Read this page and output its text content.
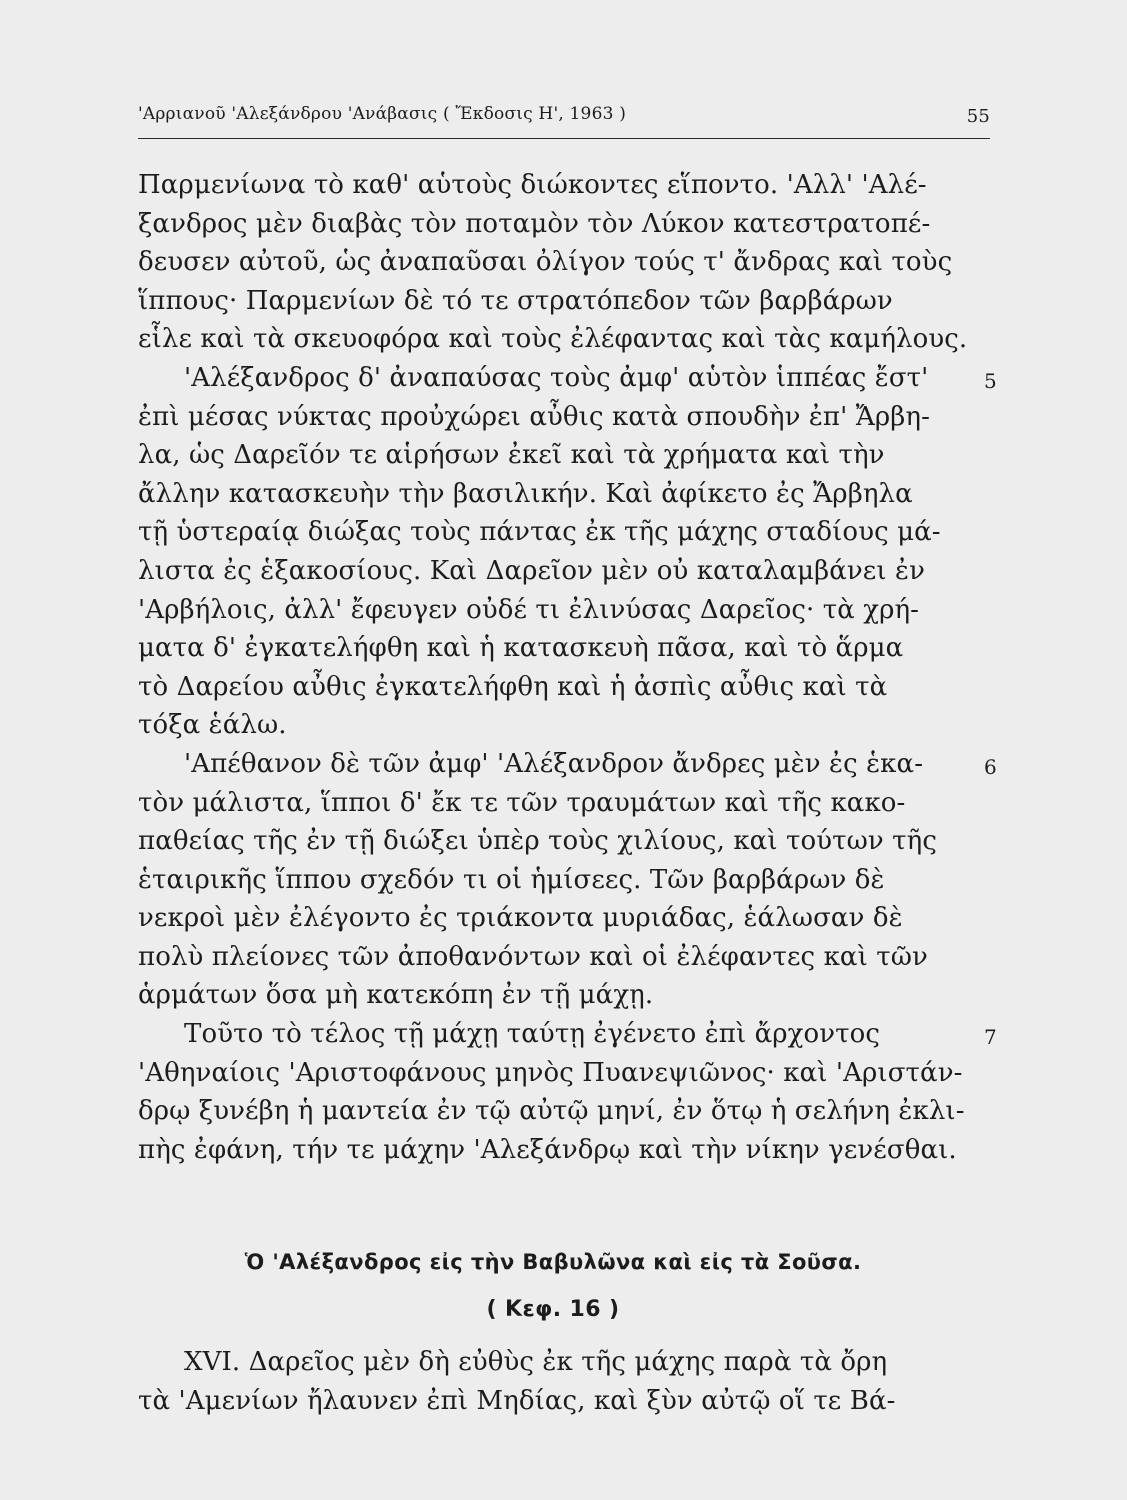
'Αρριανοῦ 'Αλεξάνδρου 'Ανάβασις ( Ἔκδοσις Η', 1963 )	55
Παρμενίωνα τὸ καθ' αὑτοὺς διώκοντες εἵποντο. 'Αλλ' 'Αλέ-
ξανδρος μὲν διαβὰς τὸν ποταμὸν τὸν Λύκον κατεστρατοπέ-
δευσεν αὐτοῦ, ὡς ἀναπαῦσαι ὀλίγον τούς τ' ἄνδρας καὶ τοὺς
ἵππους· Παρμενίων δὲ τό τε στρατόπεδον τῶν βαρβάρων
εἷλε καὶ τὰ σκευοφόρα καὶ τοὺς ἐλέφαντας καὶ τὰς καμήλους.
'Αλέξανδρος δ' ἀναπαύσας τοὺς ἀμφ' αὑτὸν ἱππέας ἔστ'	5
ἐπὶ μέσας νύκτας προὐχώρει αὖθις κατὰ σπουδὴν ἐπ' Ἄρβη-
λα, ὡς Δαρεῖόν τε αἱρήσων ἐκεῖ καὶ τὰ χρήματα καὶ τὴν
ἄλλην κατασκευὴν τὴν βασιλικήν. Καὶ ἀφίκετο ἐς Ἄρβηλα
τῇ ὑστεραίᾳ διώξας τοὺς πάντας ἐκ τῆς μάχης σταδίους μά-
λιστα ἐς ἑξακοσίους. Καὶ Δαρεῖον μὲν οὐ καταλαμβάνει ἐν
'Αρβήλοις, ἀλλ' ἔφευγεν οὐδέ τι ἐλινύσας Δαρεῖος· τὰ χρή-
ματα δ' ἐγκατελήφθη καὶ ἡ κατασκευὴ πᾶσα, καὶ τὸ ἅρμα
τὸ Δαρείου αὖθις ἐγκατελήφθη καὶ ἡ ἀσπὶς αὖθις καὶ τὰ
τόξα ἑάλω.
'Απέθανον δὲ τῶν ἀμφ' 'Αλέξανδρον ἄνδρες μὲν ἐς ἑκα-	6
τὸν μάλιστα, ἵπποι δ' ἔκ τε τῶν τραυμάτων καὶ τῆς κακο-
παθείας τῆς ἐν τῇ διώξει ὑπὲρ τοὺς χιλίους, καὶ τούτων τῆς
ἑταιρικῆς ἵππου σχεδόν τι οἱ ἡμίσεες. Τῶν βαρβάρων δὲ
νεκροὶ μὲν ἐλέγοντο ἐς τριάκοντα μυριάδας, ἑάλωσαν δὲ
πολὺ πλείονες τῶν ἀποθανόντων καὶ οἱ ἐλέφαντες καὶ τῶν
ἁρμάτων ὅσα μὴ κατεκόπη ἐν τῇ μάχῃ.
Τοῦτο τὸ τέλος τῇ μάχῃ ταύτῃ ἐγένετο ἐπὶ ἄρχοντος	7
'Αθηναίοις 'Αριστοφάνους μηνὸς Πυανεψιῶνος· καὶ 'Αριστάν-
δρῳ ξυνέβη ἡ μαντεία ἐν τῷ αὐτῷ μηνί, ἐν ὅτῳ ἡ σελήνη ἐκλι-
πὴς ἐφάνη, τήν τε μάχην 'Αλεξάνδρῳ καὶ τὴν νίκην γενέσθαι.
Ὁ 'Αλέξανδρος εἰς τὴν Βαβυλῶνα καὶ εἰς τὰ Σοῦσα.
( Κεφ. 16 )
XVI. Δαρεῖος μὲν δὴ εὐθὺς ἐκ τῆς μάχης παρὰ τὰ ὄρη
τὰ 'Αμενίων ἤλαυνεν ἐπὶ Μηδίας, καὶ ξὺν αὐτῷ οἵ τε Βά-
